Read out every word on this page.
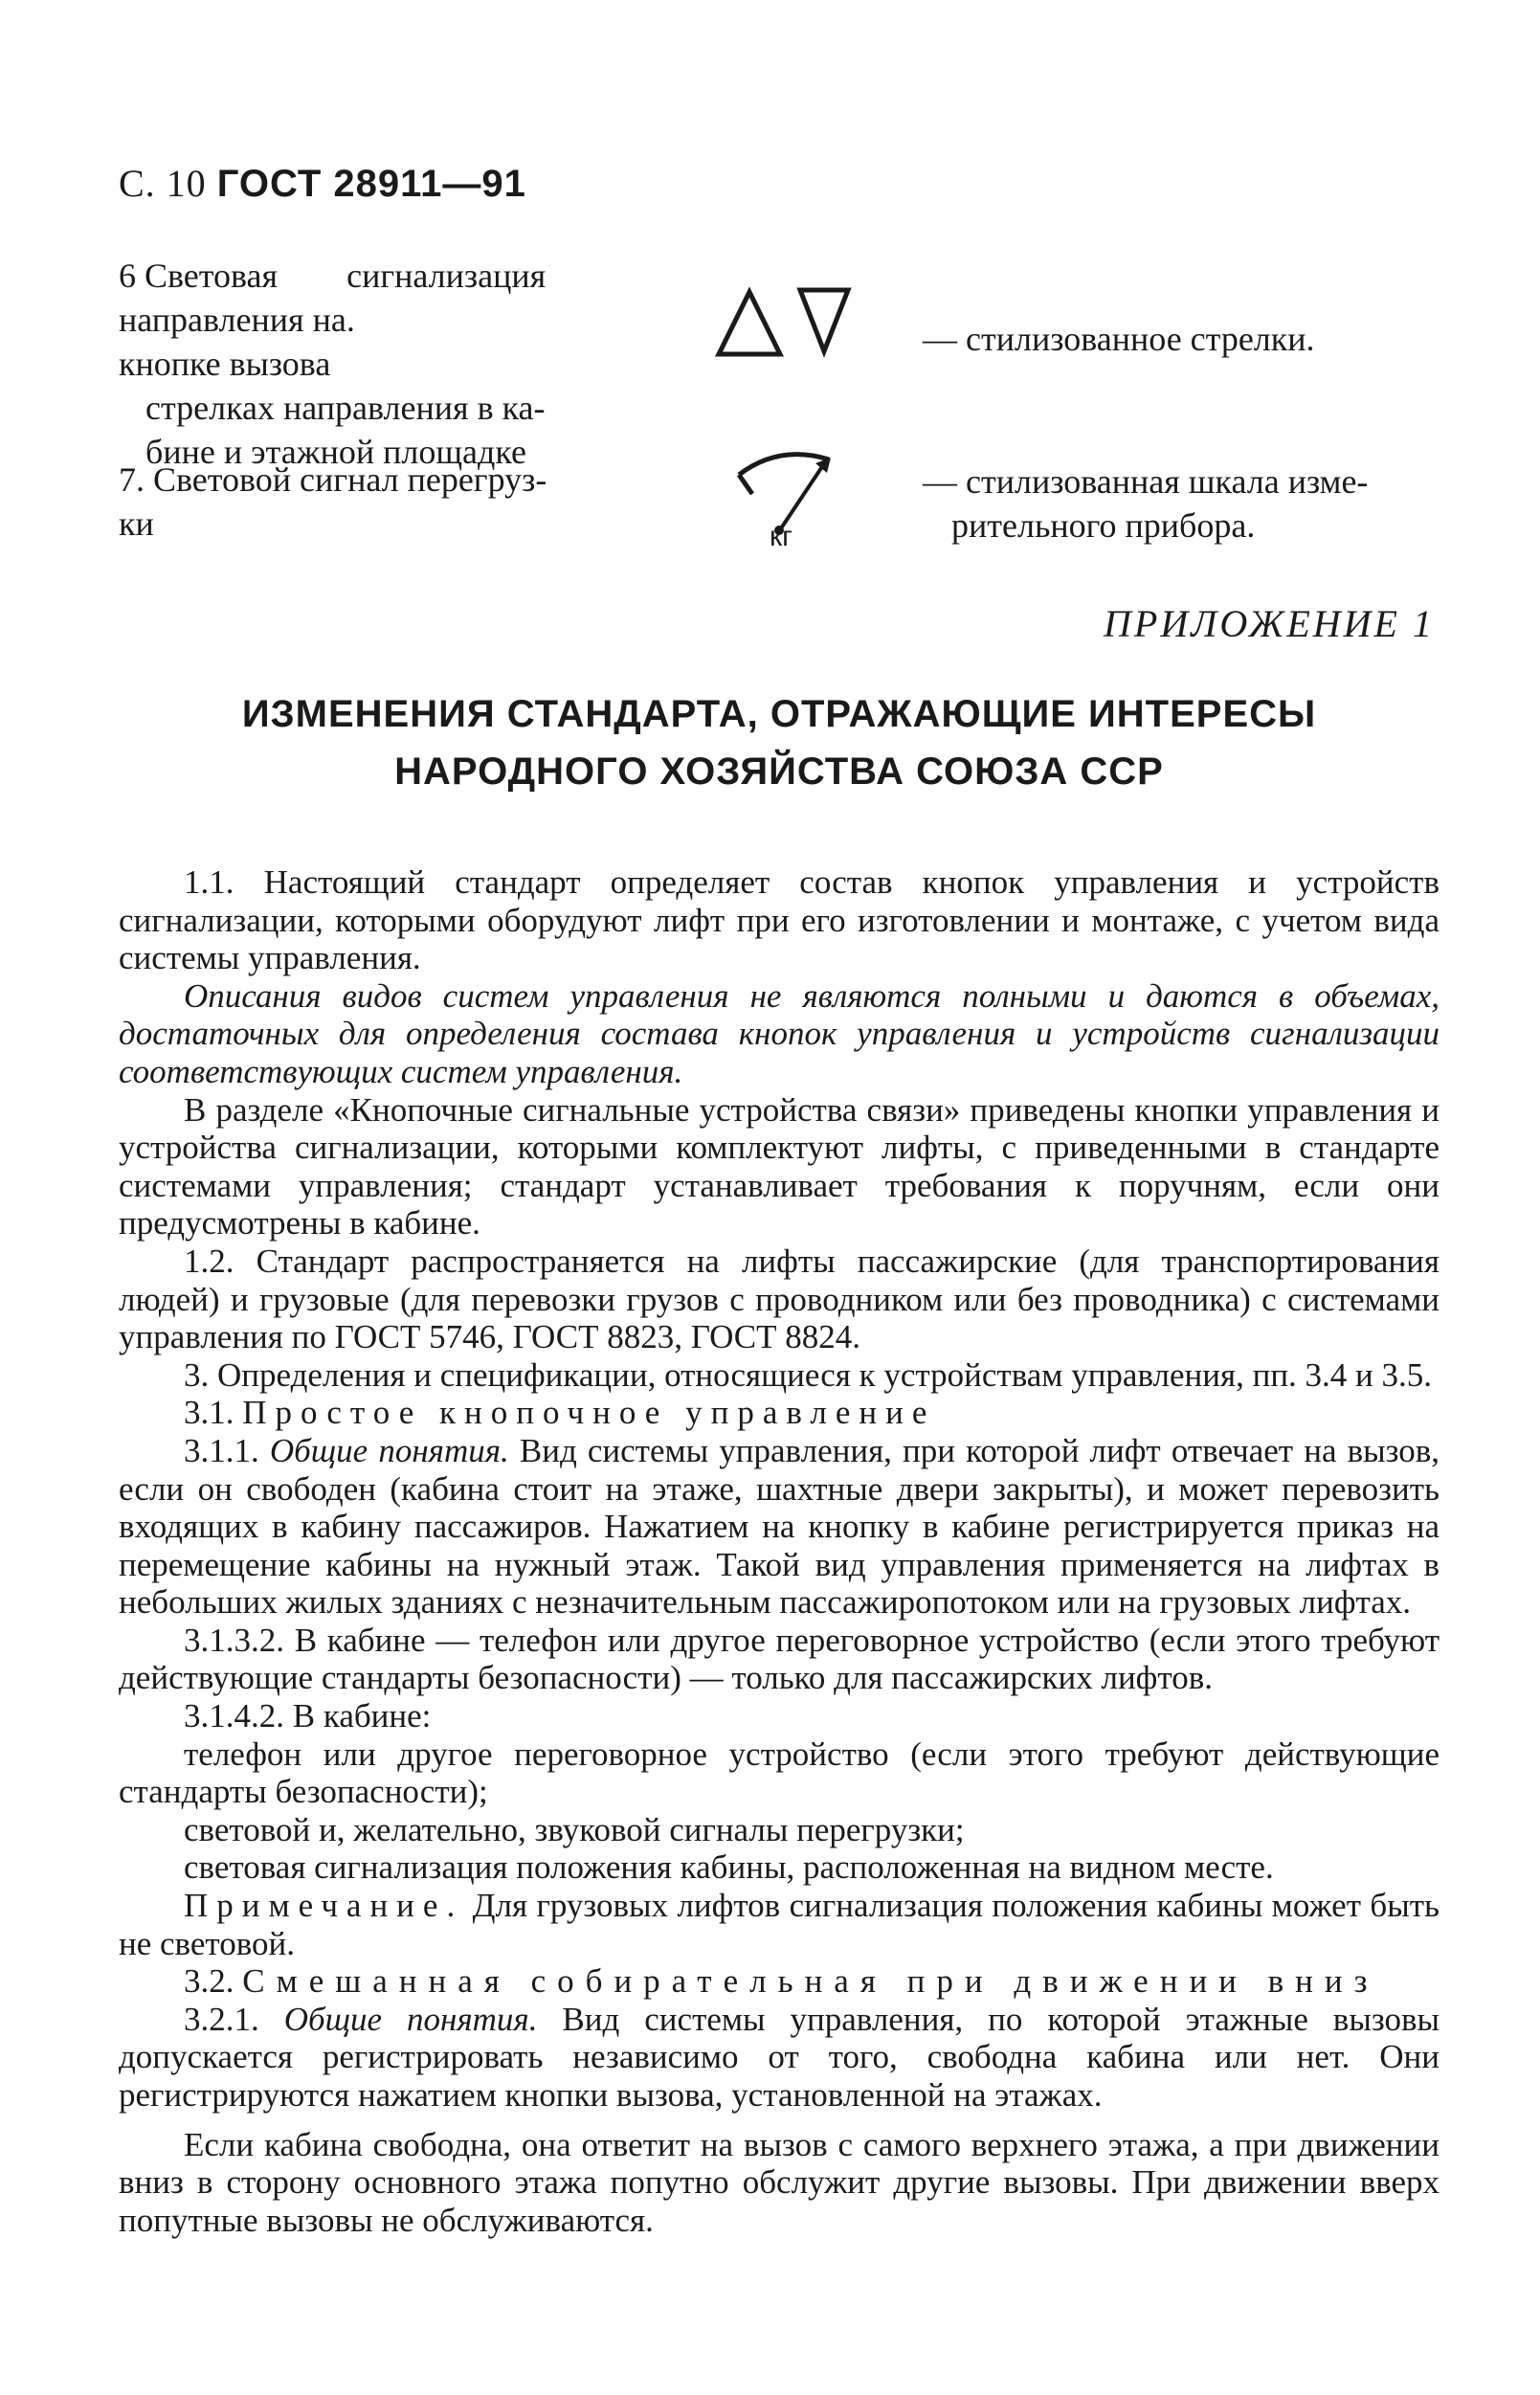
С. 10 ГОСТ 28911—91
6 Световая        сигнализация
направления на.
кнопке вызова
стрелках направления в ка-
бине и этажной площадке
— стилизованное стрелки.
7. Световой сигнал перегруз-
ки	кг
— стилизованная шкала изме-
рительного прибора.
ПРИЛОЖЕНИЕ 1
ИЗМЕНЕНИЯ СТАНДАРТА, ОТРАЖАЮЩИЕ ИНТЕРЕСЫ
НАРОДНОГО ХОЗЯЙСТВА СОЮЗА ССР

1.1. Настоящий стандарт определяет состав кнопок управления и устройств сигнализации, которыми оборудуют лифт при его изготовлении и монтаже, с учетом вида системы управления.

Описания видов систем управления не являются полными и даются в объемах, достаточных для определения состава кнопок управления и устройств сигнализации соответствующих систем управления.

В разделе «Кнопочные сигнальные устройства связи» приведены кнопки управления и устройства сигнализации, которыми комплектуют лифты, с приведенными в стандарте системами управления; стандарт устанавливает требования к поручням, если они предусмотрены в кабине.

1.2. Стандарт распространяется на лифты пассажирские (для транспортирования людей) и грузовые (для перевозки грузов с проводником или без проводника) с системами управления по ГОСТ 5746, ГОСТ 8823, ГОСТ 8824.

3. Определения и спецификации, относящиеся к устройствам управления, пп. 3.4 и 3.5.

3.1. Простое кнопочное управление

3.1.1. Общие понятия. Вид системы управления, при которой лифт отвечает на вызов, если он свободен (кабина стоит на этаже, шахтные двери закрыты), и может перевозить входящих в кабину пассажиров. Нажатием на кнопку в кабине регистрируется приказ на перемещение кабины на нужный этаж. Такой вид управления применяется на лифтах в небольших жилых зданиях с незначительным пассажиропотоком или на грузовых лифтах.

3.1.3.2. В кабине — телефон или другое переговорное устройство (если этого требуют действующие стандарты безопасности) — только для пассажирских лифтов.

3.1.4.2. В кабине:

телефон или другое переговорное устройство (если этого требуют действующие стандарты безопасности);

световой и, желательно, звуковой сигналы перегрузки;

световая сигнализация положения кабины, расположенная на видном месте.

Примечание. Для грузовых лифтов сигнализация положения кабины может быть не световой.

3.2. Смешанная собирательная при движении вниз

3.2.1. Общие понятия. Вид системы управления, по которой этажные вызовы допускается регистрировать независимо от того, свободна кабина или нет. Они регистрируются нажатием кнопки вызова, установленной на этажах.

Если кабина свободна, она ответит на вызов с самого верхнего этажа, а при движении вниз в сторону основного этажа попутно обслужит другие вызовы. При движении вверх попутные вызовы не обслуживаются.
